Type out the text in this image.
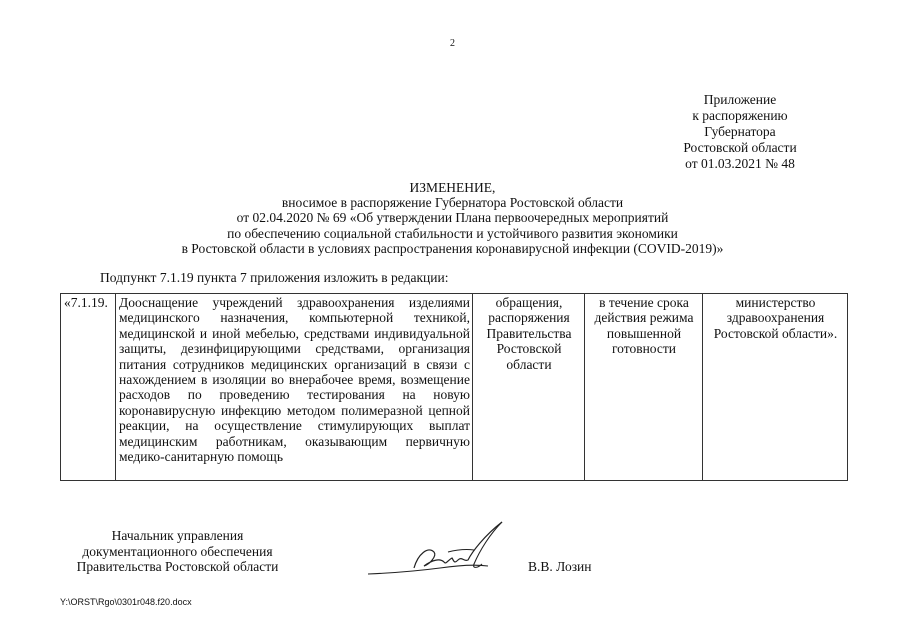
2
Приложение
к распоряжению
Губернатора
Ростовской области
от 01.03.2021 № 48
ИЗМЕНЕНИЕ,
вносимое в распоряжение Губернатора Ростовской области
от 02.04.2020 № 69 «Об утверждении Плана первоочередных мероприятий
по обеспечению социальной стабильности и устойчивого развития экономики
в Ростовской области в условиях распространения коронавирусной инфекции (COVID-2019)»
Подпункт 7.1.19 пункта 7 приложения изложить в редакции:
«7.1.19.	Дооснащение учреждений здравоохранения изделиями медицинского назначения, компьютерной техникой, медицинской и иной мебелью, средствами индивидуальной защиты, дезинфицирующими средствами, организация питания сотрудников медицинских организаций в связи с нахождением в изоляции во внерабочее время, возмещение расходов по проведению тестирования на новую коронавирусную инфекцию методом полимеразной цепной реакции, на осуществление стимулирующих выплат медицинским работникам, оказывающим первичную медико-санитарную помощь	обращения, распоряжения Правительства Ростовской области	в течение срока действия режима повышенной готовности	министерство здравоохранения Ростовской области».
Начальник управления
документационного обеспечения
Правительства Ростовской области	В.В. Лозин
Y:\ORST\Rgo\0301r048.f20.docx
